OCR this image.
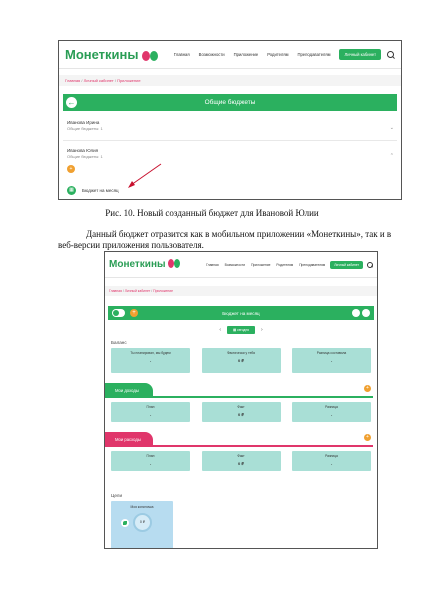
Монеткины	Главная Возможности Приложение Родителям Преподавателям	Личный кабинет
Главная / Личный кабинет / Приложение
←	Общие бюджеты
Иванова Ирина
Общие бюджеты: 1	⌄
Иванова Юлия
Общие бюджеты: 1	⌃
+
▦	Бюджет на месяц
Рис. 10. Новый созданный бюджет для Ивановой Юлии
Данный бюджет отразится как в мобильном приложении «Монеткины», так и в веб-версии приложения пользователя.
Монеткины	Главная Возможности Приложение Родителям Преподавателям	Личный кабинет
Главная / Личный кабинет / Приложение
+	Бюджет на месяц
‹	▦ сегодня	›
Баланс
Ты планировал, мы будем
-
Фактически у тебя
0 ₽
Разница составила
-
Мои доходы	+
План
-
Факт
0 ₽
Разница
-
Мои расходы	+
План
-
Факт
0 ₽
Разница
-
Цели
Моя копилочка
0 ₽
